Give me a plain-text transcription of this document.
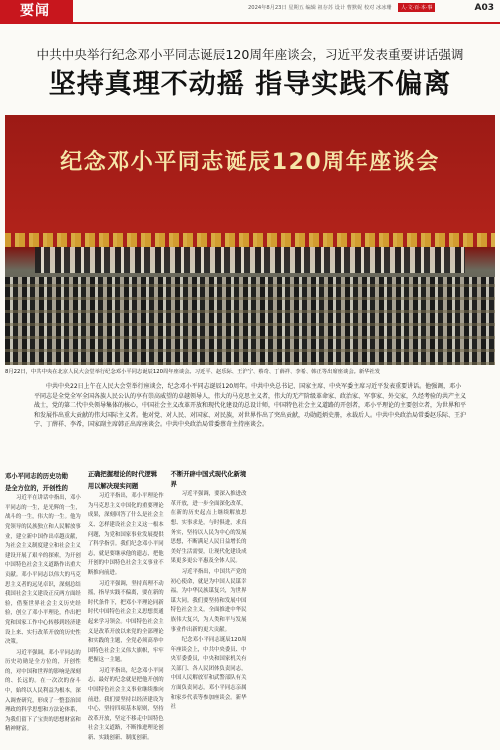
要闻	2024年8月23日 星期五 编辑 祖存苏 设计 曹默妮 校对 冰冰珊	人·文·百·本·事	A03
中共中央举行纪念邓小平同志诞辰120周年座谈会，习近平发表重要讲话强调
坚持真理不动摇 指导实践不偏离
纪念邓小平同志诞辰120周年座谈会
8月22日，中共中央在北京人民大会堂举行纪念邓小平同志诞辰120周年座谈会。习近平、赵乐际、王沪宁、蔡奇、丁薛祥、李希、韩正等出席座谈会。新华社发
中共中央22日上午在人民大会堂举行座谈会，纪念邓小平同志诞辰120周年。中共中央总书记、国家主席、中央军委主席习近平发表重要讲话。他强调，邓小平同志是全党全军全国各族人民公认的享有崇高威望的卓越领导人，伟大的马克思主义者，伟大的无产阶级革命家、政治家、军事家、外交家，久经考验的共产主义战士，党的第二代中央领导集体的核心，中国社会主义改革开放和现代化建设的总设计师，中国特色社会主义道路的开创者，邓小平理论的主要创立者，为世界和平和发展作出重大贡献的伟大国际主义者。他对党、对人民、对国家、对民族，对世界作出了突出贡献，功勋彪炳史册，永载后人。中共中央政治局常委赵乐际、王沪宁、丁薛祥、李希，国家副主席韩正出席座谈会。中共中央政治局常委蔡奇主持座谈会。
邓小平同志的历史功勋
是全方位的，开创性的

习近平在讲话中指出，邓小平同志的一生，是光辉的一生，战斗的一生，伟大的一生。他为党领导的民族独立和人民解放事业，建立新中国作出卓越贡献，为社会主义制度建立和社会主义建设开展了艰辛的探索，为开创中国特色社会主义道路作出重大贡献。邓小平同志以伟大的马克思主义者的远见卓识，深刻总结我国社会主义建设正反两方面经验，借鉴世界社会主义历史经验，创立了邓小平理论，作出把党和国家工作中心转移到经济建设上来、实行改革开放的历史性决策。

习近平强调，邓小平同志的历史功勋是全方位的，开创性的，对中国和世界的影响是深刻的、长远的。在一次次的奋斗中，始终以人民利益为根本，深入调查研究，形成了一整套治国理政的科学思想和方法论体系，为我们留下了宝贵的思想财富和精神财富。

正确把握理论的时代逻辑
用以解决现实问题

习近平指出，邓小平理论作为马克思主义中国化的重要理论成果，深刻回答了什么是社会主义、怎样建设社会主义这一根本问题，为党和国家事业发展提供了科学指引。我们纪念邓小平同志，就是要继承他的遗志，把他开创的中国特色社会主义事业不断推向前进。

习近平强调，坚持真理不动摇，指导实践不偏离，要在新的时代条件下，把邓小平理论同新时代中国特色社会主义思想贯通起来学习领会。中国特色社会主义是改革开放以来党的全部理论和实践的主题，全党必须高举中国特色社会主义伟大旗帜，牢牢把握这一主题。

习近平指出，纪念邓小平同志，最好的纪念就是把他开创的中国特色社会主义事业继续推向前进。我们要坚持以经济建设为中心，坚持四项基本原则，坚持改革开放，坚定不移走中国特色社会主义道路，不断推进理论创新、实践创新、制度创新。

不断开辟中国式现代化新境界

习近平强调，要深入推进改革开放，进一步全面深化改革，在新的历史起点上继续解放思想、实事求是，与时俱进，求真务实，坚持以人民为中心的发展思想，不断满足人民日益增长的美好生活需要，让现代化建设成果更多更公平惠及全体人民。

习近平指出，中国共产党的初心使命，就是为中国人民谋幸福，为中华民族谋复兴，为世界谋大同。我们要坚持和发展中国特色社会主义，全面推进中华民族伟大复兴，为人类和平与发展事业作出新的更大贡献。

纪念邓小平同志诞辰120周年座谈会上，中共中央委员、中央军委委员，中央和国家机关有关部门、各人民团体负责同志，中国人民解放军和武警部队有关方面负责同志，邓小平同志亲属和家乡代表等参加座谈会。新华社
